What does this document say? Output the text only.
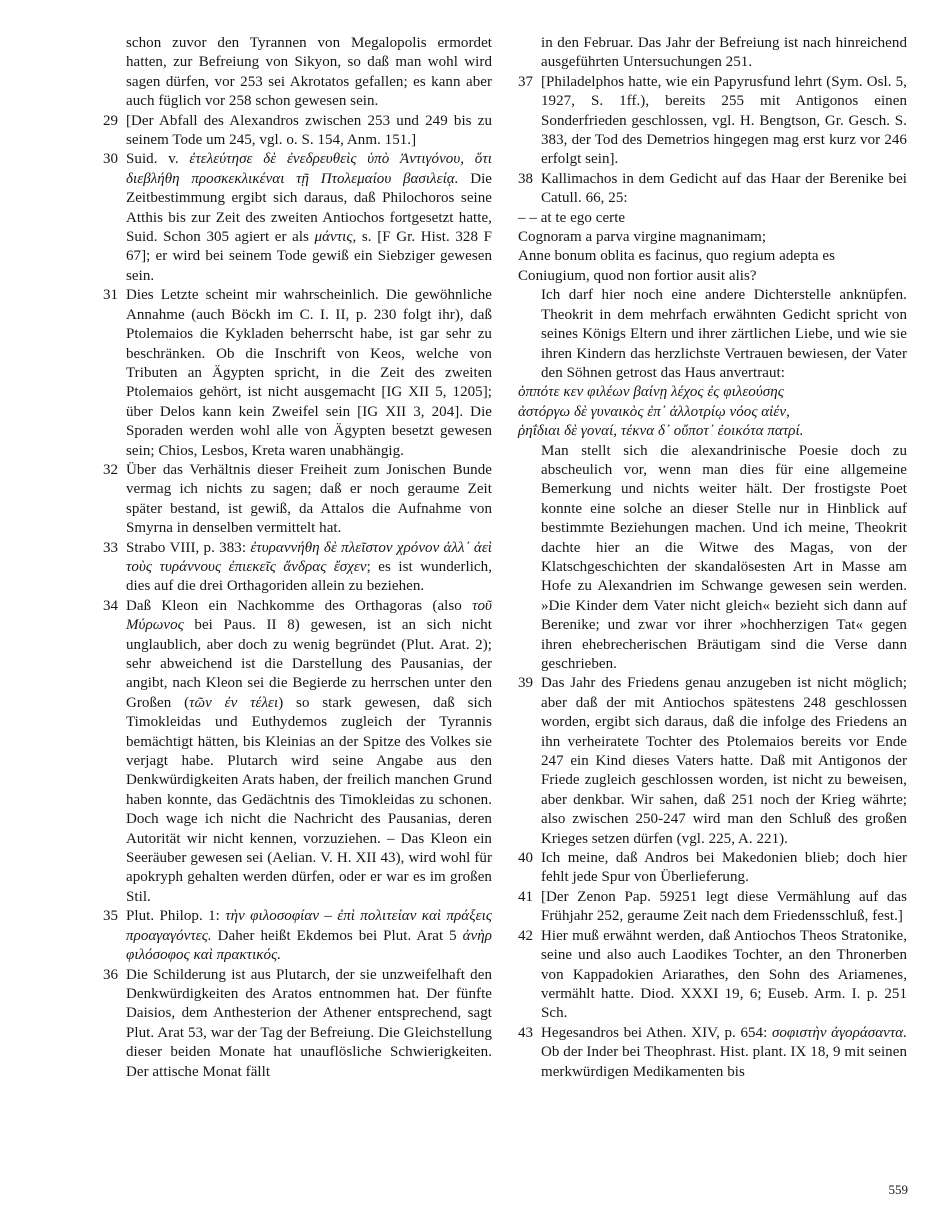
schon zuvor den Tyrannen von Megalopolis ermordet hatten, zur Befreiung von Sikyon, so daß man wohl wird sagen dürfen, vor 253 sei Akrotatos gefallen; es kann aber auch füglich vor 258 schon gewesen sein.

29 [Der Abfall des Alexandros zwischen 253 und 249 bis zu seinem Tode um 245, vgl. o. S. 154, Anm. 151.]

30 Suid. v. ἐτελεύτησε δὲ ἐνεδρευθεὶς ὑπὸ Ἀντιγόνου, ὅτι διεβλήθη προσκεκλικέναι τῇ Πτολεμαίου βασιλείᾳ. Die Zeitbestimmung ergibt sich daraus, daß Philochoros seine Atthis bis zur Zeit des zweiten Antiochos fortgesetzt hatte, Suid. Schon 305 agiert er als μάντις, s. [F Gr. Hist. 328 F 67]; er wird bei seinem Tode gewiß ein Siebziger gewesen sein.

31 Dies Letzte scheint mir wahrscheinlich. Die gewöhnliche Annahme (auch Böckh im C. I. II, p. 230 folgt ihr), daß Ptolemaios die Kykladen beherrscht habe, ist gar sehr zu beschränken. Ob die Inschrift von Keos, welche von Tributen an Ägypten spricht, in die Zeit des zweiten Ptolemaios gehört, ist nicht ausgemacht [IG XII 5, 1205]; über Delos kann kein Zweifel sein [IG XII 3, 204]. Die Sporaden werden wohl alle von Ägypten besetzt gewesen sein; Chios, Lesbos, Kreta waren unabhängig.

32 Über das Verhältnis dieser Freiheit zum Jonischen Bunde vermag ich nichts zu sagen; daß er noch geraume Zeit später bestand, ist gewiß, da Attalos die Aufnahme von Smyrna in denselben vermittelt hat.

33 Strabo VIII, p. 383: ἐτυραννήθη δὲ πλεῖστον χρόνον ἀλλ᾽ ἀεὶ τοὺς τυράννους ἐπιεκεῖς ἄνδρας ἔσχεν; es ist wunderlich, dies auf die drei Orthagoriden allein zu beziehen.

34 Daß Kleon ein Nachkomme des Orthagoras (also τοῦ Μύρωνος bei Paus. II 8) gewesen, ist an sich nicht unglaublich, aber doch zu wenig begründet (Plut. Arat. 2); sehr abweichend ist die Darstellung des Pausanias, der angibt, nach Kleon sei die Begierde zu herrschen unter den Großen (τῶν ἐν τέλει) so stark gewesen, daß sich Timokleidas und Euthydemos zugleich der Tyrannis bemächtigt hätten, bis Kleinias an der Spitze des Volkes sie verjagt habe. Plutarch wird seine Angabe aus den Denkwürdigkeiten Arats haben, der freilich manchen Grund haben konnte, das Gedächtnis des Timokleidas zu schonen. Doch wage ich nicht die Nachricht des Pausanias, deren Autorität wir nicht kennen, vorzuziehen. – Das Kleon ein Seeräuber gewesen sei (Aelian. V. H. XII 43), wird wohl für apokryph gehalten werden dürfen, oder er war es im großen Stil.

35 Plut. Philop. 1: τὴν φιλοσοφίαν – ἐπὶ πολιτείαν καὶ πράξεις προαγαγόντες. Daher heißt Ekdemos bei Plut. Arat 5 ἀνὴρ φιλόσοφος καὶ πρακτικός.

36 Die Schilderung ist aus Plutarch, der sie unzweifelhaft den Denkwürdigkeiten des Aratos entnommen hat. Der fünfte Daisios, dem Anthesterion der Athener entsprechend, sagt Plut. Arat 53, war der Tag der Befreiung. Die Gleichstellung dieser beiden Monate hat unauflösliche Schwierigkeiten. Der attische Monat fällt

in den Februar. Das Jahr der Befreiung ist nach hinreichend ausgeführten Untersuchungen 251.

37 [Philadelphos hatte, wie ein Papyrusfund lehrt (Sym. Osl. 5, 1927, S. 1ff.), bereits 255 mit Antigonos einen Sonderfrieden geschlossen, vgl. H. Bengtson, Gr. Gesch. S. 383, der Tod des Demetrios hingegen mag erst kurz vor 246 erfolgt sein].

38 Kallimachos in dem Gedicht auf das Haar der Berenike bei Catull. 66, 25:
– – at te ego certe
Cognoram a parva virgine magnanimam;
Anne bonum oblita es facinus, quo regium adepta es
Coniugium, quod non fortior ausit alis?
Ich darf hier noch eine andere Dichterstelle anknüpfen. Theokrit in dem mehrfach erwähnten Gedicht spricht von seines Königs Eltern und ihrer zärtlichen Liebe, und wie sie ihren Kindern das herzlichste Vertrauen bewiesen, der Vater den Söhnen getrost das Haus anvertraut:
ὁππότε κεν φιλέων βαίνῃ λέχος ἐς φιλεούσης
ἀστόργω δὲ γυναικὸς ἐπ᾽ ἀλλοτρίῳ νόος αἰέν,
ῥηΐδιαι δὲ γοναί, τέκνα δ᾽ οὔποτ᾽ ἐοικότα πατρί.
Man stellt sich die alexandrinische Poesie doch zu abscheulich vor, wenn man dies für eine allgemeine Bemerkung und nichts weiter hält. Der frostigste Poet konnte eine solche an dieser Stelle nur in Hinblick auf bestimmte Beziehungen machen. Und ich meine, Theokrit dachte hier an die Witwe des Magas, von der Klatschgeschichten der skandalösesten Art in Masse am Hofe zu Alexandrien im Schwange gewesen sein werden. »Die Kinder dem Vater nicht gleich« bezieht sich dann auf Berenike; und zwar vor ihrer »hochherzigen Tat« gegen ihren ehebrecherischen Bräutigam sind die Verse dann geschrieben.

39 Das Jahr des Friedens genau anzugeben ist nicht möglich; aber daß der mit Antiochos spätestens 248 geschlossen worden, ergibt sich daraus, daß die infolge des Friedens an ihn verheiratete Tochter des Ptolemaios bereits vor Ende 247 ein Kind dieses Vaters hatte. Daß mit Antigonos der Friede zugleich geschlossen worden, ist nicht zu beweisen, aber denkbar. Wir sahen, daß 251 noch der Krieg währte; also zwischen 250-247 wird man den Schluß des großen Krieges setzen dürfen (vgl. 225, A. 221).

40 Ich meine, daß Andros bei Makedonien blieb; doch hier fehlt jede Spur von Überlieferung.

41 [Der Zenon Pap. 59251 legt diese Vermählung auf das Frühjahr 252, geraume Zeit nach dem Friedensschluß, fest.]

42 Hier muß erwähnt werden, daß Antiochos Theos Stratonike, seine und also auch Laodikes Tochter, an den Thronerben von Kappadokien Ariarathes, den Sohn des Ariamenes, vermählt hatte. Diod. XXXI 19, 6; Euseb. Arm. I. p. 251 Sch.

43 Hegesandros bei Athen. XIV, p. 654: σοφιστὴν ἀγοράσαντα. Ob der Inder bei Theophrast. Hist. plant. IX 18, 9 mit seinen merkwürdigen Medikamenten bis

559
